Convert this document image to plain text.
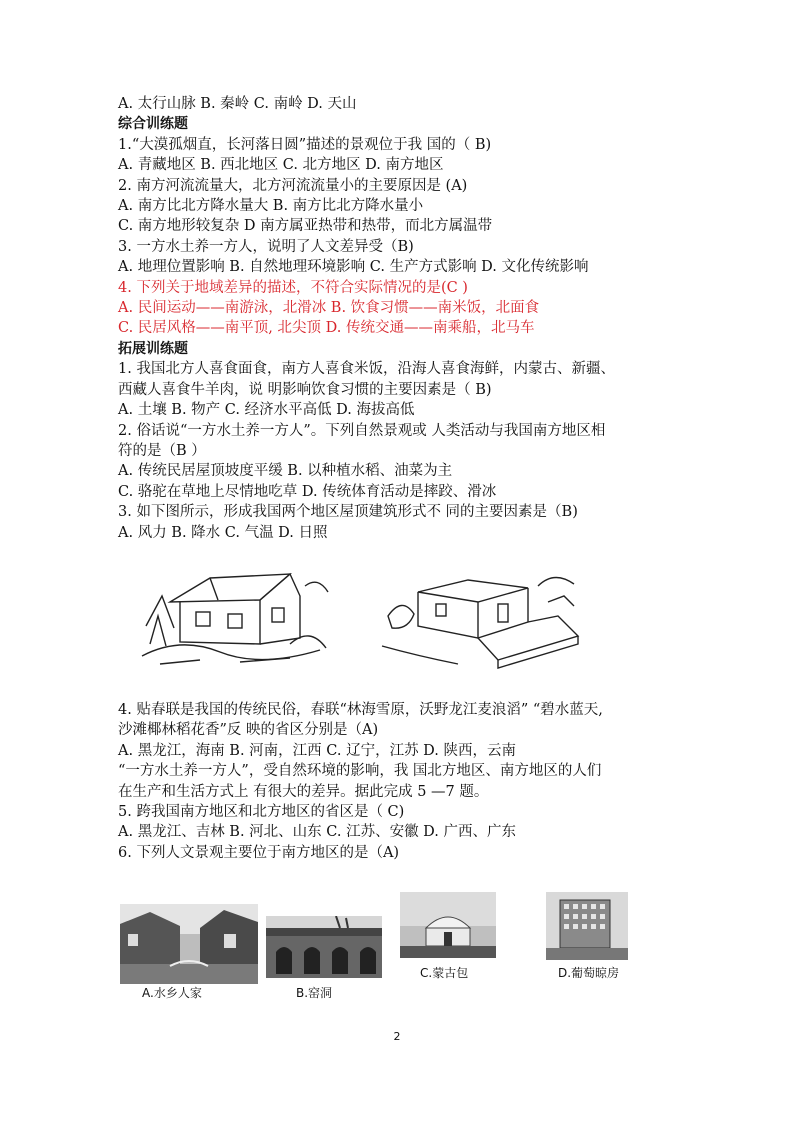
A. 太行山脉 B. 秦岭 C. 南岭 D. 天山
综合训练题
1.“大漠孤烟直，长河落日圆”描述的景观位于我 国的（ B)
A. 青藏地区 B. 西北地区 C. 北方地区 D. 南方地区
2. 南方河流流量大，北方河流流量小的主要原因是 (A)
A. 南方比北方降水量大 B. 南方比北方降水量小
C. 南方地形较复杂 D 南方属亚热带和热带，而北方属温带
3. 一方水土养一方人，说明了人文差异受（B)
A. 地理位置影响 B. 自然地理环境影响 C. 生产方式影响 D. 文化传统影响
4. 下列关于地域差异的描述，不符合实际情况的是(C )
A. 民间运动——南游泳，北滑冰 B. 饮食习惯——南米饭，北面食
C. 民居风格——南平顶, 北尖顶 D. 传统交通——南乘船，北马车
拓展训练题
1. 我国北方人喜食面食，南方人喜食米饭，沿海人喜食海鲜，内蒙古、新疆、
西藏人喜食牛羊肉，说 明影响饮食习惯的主要因素是（ B)
A. 土壤 B. 物产 C. 经济水平高低 D. 海拔高低
2. 俗话说“一方水土养一方人”。下列自然景观或 人类活动与我国南方地区相
符的是（B ）
A. 传统民居屋顶坡度平缓 B. 以种植水稻、油菜为主
C. 骆驼在草地上尽情地吃草 D. 传统体育活动是摔跤、滑冰
3. 如下图所示，形成我国两个地区屋顶建筑形式不 同的主要因素是（B)
A. 风力 B. 降水 C. 气温 D. 日照
4. 贴春联是我国的传统民俗，春联“林海雪原，沃野龙江麦浪滔” “碧水蓝天,
沙滩椰林稻花香”反 映的省区分别是（A)
A. 黑龙江，海南 B. 河南，江西 C. 辽宁，江苏 D. 陕西，云南
“一方水土养一方人”，受自然环境的影响，我 国北方地区、南方地区的人们
在生产和生活方式上 有很大的差异。据此完成 5 —7 题。
5. 跨我国南方地区和北方地区的省区是（ C)
A. 黑龙江、吉林 B. 河北、山东 C. 江苏、安徽 D. 广西、广东
6. 下列人文景观主要位于南方地区的是（A)
A.水乡人家	B.窑洞
C.蒙古包	D.葡萄晾房
2
